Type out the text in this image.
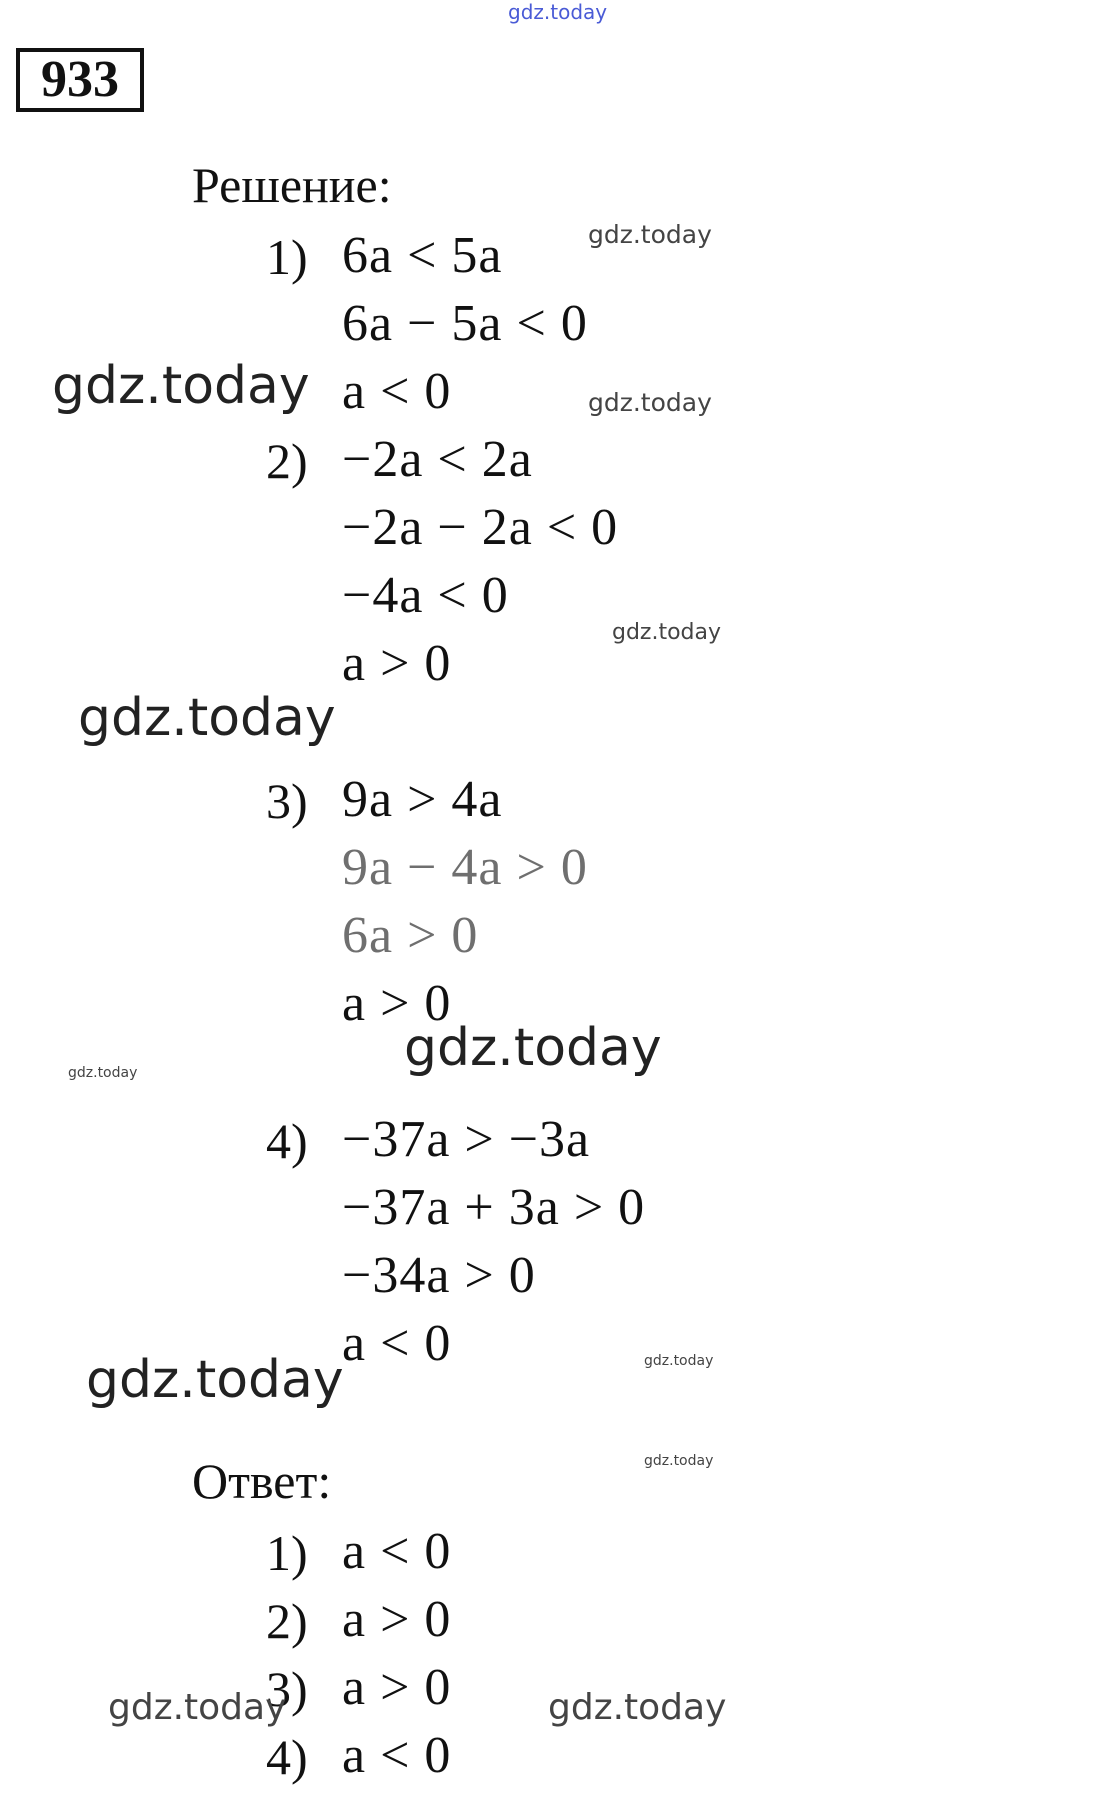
933
gdz.today
Решение:
1) 6a < 5a
6a − 5a < 0
a < 0
2) −2a < 2a
−2a − 2a < 0
−4a < 0
a > 0
3) 9a > 4a
9a − 4a > 0
6a > 0
a > 0
4) −37a > −3a
−37a + 3a > 0
−34a > 0
a < 0
Ответ:
1) a < 0
2) a > 0
3) a > 0
4) a < 0
gdz.today
gdz.today	gdz.today
gdz.today
gdz.today
gdz.today
gdz.today
gdz.today	gdz.today
gdz.today
gdz.today	gdz.today
